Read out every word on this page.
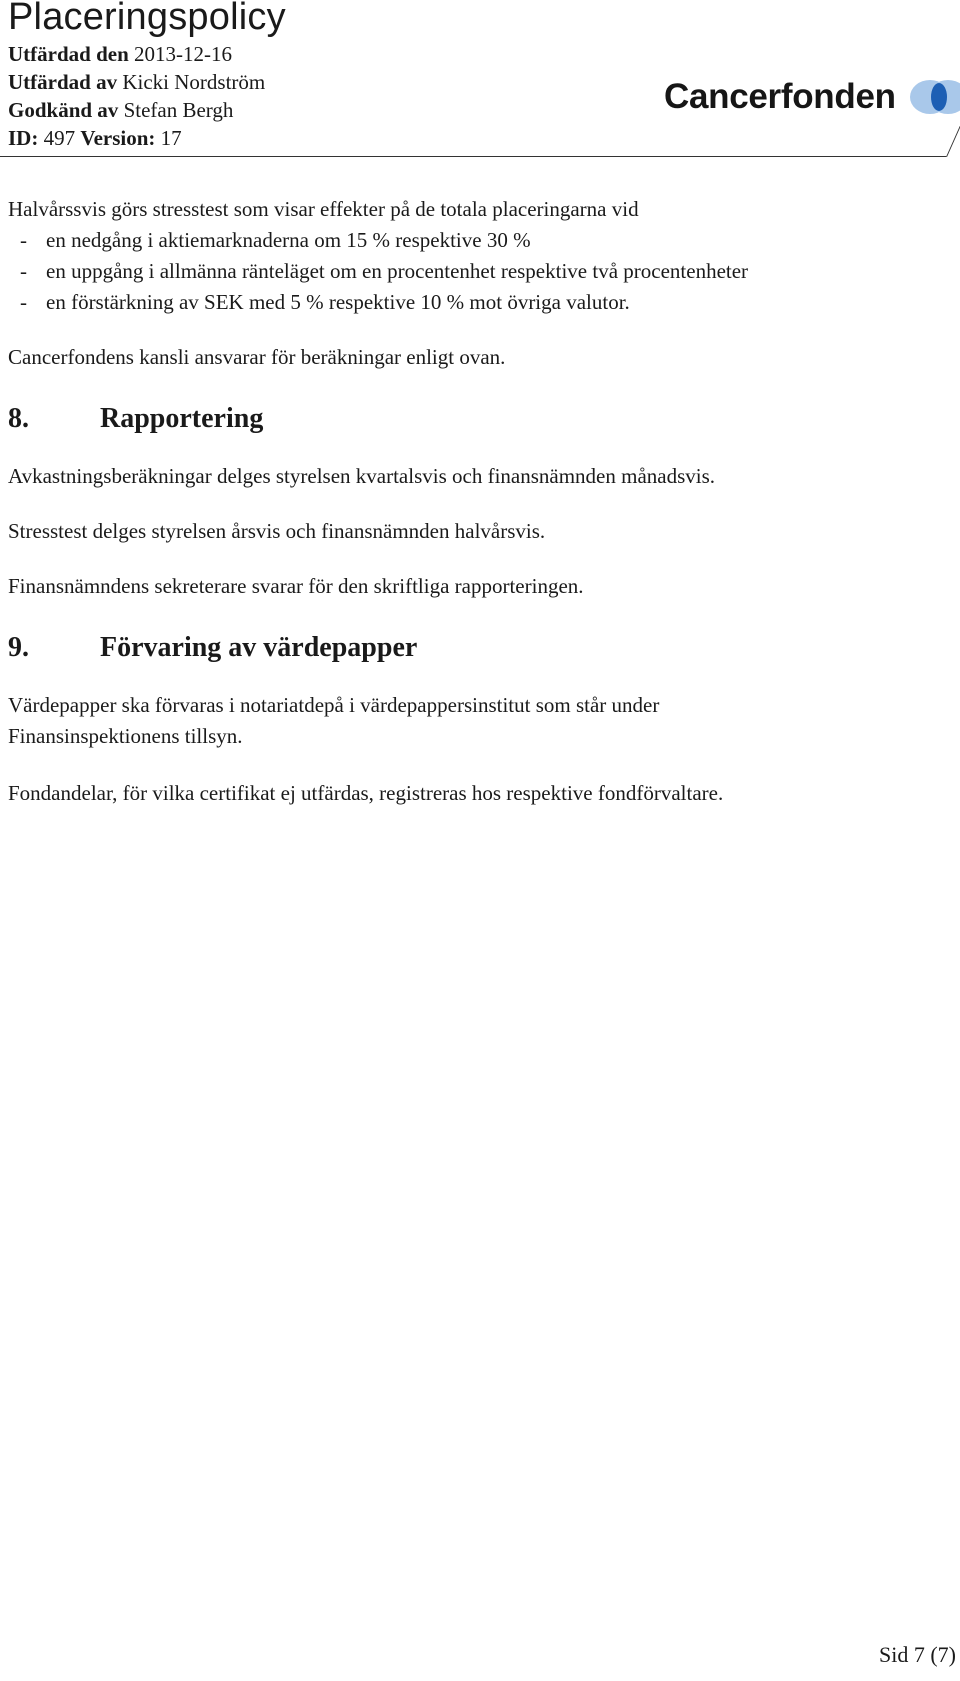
Placeringspolicy
Utfärdad den 2013-12-16
Utfärdad av Kicki Nordström
Godkänd av Stefan Bergh
ID: 497 Version: 17
Cancerfonden

Halvårssvis görs stresstest som visar effekter på de totala placeringarna vid

- en nedgång i aktiemarknaderna om 15 % respektive 30 %
- en uppgång i allmänna ränteläget om en procentenhet respektive två procentenheter
- en förstärkning av SEK med 5 % respektive 10 % mot övriga valutor.

Cancerfondens kansli ansvarar för beräkningar enligt ovan.

8.	Rapportering

Avkastningsberäkningar delges styrelsen kvartalsvis och finansnämnden månadsvis.

Stresstest delges styrelsen årsvis och finansnämnden halvårsvis.

Finansnämndens sekreterare svarar för den skriftliga rapporteringen.

9.	Förvaring av värdepapper

Värdepapper ska förvaras i notariatdepå i värdepappersinstitut som står under
Finansinspektionens tillsyn.

Fondandelar, för vilka certifikat ej utfärdas, registreras hos respektive fondförvaltare.

Sid 7 (7)
